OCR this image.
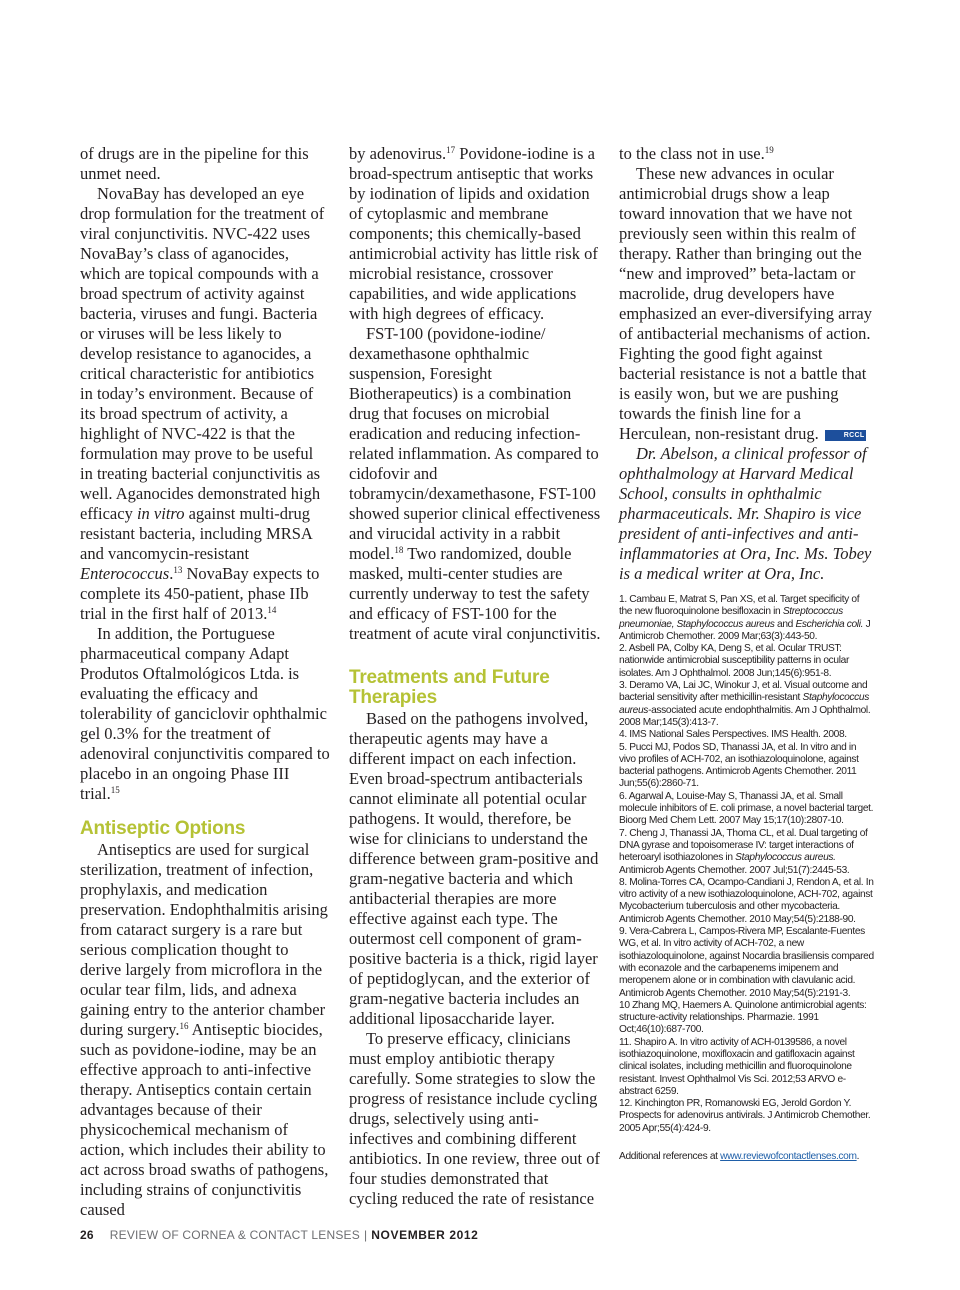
of drugs are in the pipeline for this unmet need.

NovaBay has developed an eye drop formulation for the treatment of viral conjunctivitis. NVC-422 uses NovaBay’s class of aganocides, which are topical compounds with a broad spectrum of activity against bacteria, viruses and fungi. Bacteria or viruses will be less likely to develop resistance to aganocides, a critical characteristic for antibiotics in today’s environment. Because of its broad spectrum of activity, a highlight of NVC-422 is that the formulation may prove to be useful in treating bacterial conjunctivitis as well. Aganocides demonstrated high efficacy in vitro against multi-drug resistant bacteria, including MRSA and vancomycin-resistant Enterococcus.$^{13}$ NovaBay expects to complete its 450-patient, phase IIb trial in the first half of 2013.14

In addition, the Portuguese pharmaceutical company Adapt Produtos Oftalmológicos Ltda. is evaluating the efficacy and tolerability of ganciclovir ophthalmic gel 0.3% for the treatment of adenoviral conjunctivitis compared to placebo in an ongoing Phase III trial.$^{15}$

Antiseptic Options

Antiseptics are used for surgical sterilization, treatment of infection, prophylaxis, and medication preservation. Endophthalmitis arising from cataract surgery is a rare but serious complication thought to derive largely from microflora in the ocular tear film, lids, and adnexa gaining entry to the anterior chamber during surgery.$^{16}$ Antiseptic biocides, such as povidone-iodine, may be an effective approach to anti-infective therapy. Antiseptics contain certain advantages because of their physicochemical mechanism of action, which includes their ability to act across broad swaths of pathogens, including strains of conjunctivitis caused

by adenovirus.$^{17}$ Povidone-iodine is a broad-spectrum antiseptic that works by iodination of lipids and oxidation of cytoplasmic and membrane components; this chemically-based antimicrobial activity has little risk of microbial resistance, crossover capabilities, and wide applications with high degrees of efficacy.

FST-100 (povidone-iodine/ dexamethasone ophthalmic suspension, Foresight Biotherapeutics) is a combination drug that focuses on microbial eradication and reducing infection-related inflammation. As compared to cidofovir and tobramycin/dexamethasone, FST-100 showed superior clinical effectiveness and virucidal activity in a rabbit model.$^{18}$ Two randomized, double masked, multi-center studies are currently underway to test the safety and efficacy of FST-100 for the treatment of acute viral conjunctivitis.

Treatments and Future Therapies

Based on the pathogens involved, therapeutic agents may have a different impact on each infection. Even broad-spectrum antibacterials cannot eliminate all potential ocular pathogens. It would, therefore, be wise for clinicians to understand the difference between gram-positive and gram-negative bacteria and which antibacterial therapies are more effective against each type. The outermost cell component of gram-positive bacteria is a thick, rigid layer of peptidoglycan, and the exterior of gram-negative bacteria includes an additional liposaccharide layer.

To preserve efficacy, clinicians must employ antibiotic therapy carefully. Some strategies to slow the progress of resistance include cycling drugs, selectively using anti-infectives and combining different antibiotics. In one review, three out of four studies demonstrated that cycling reduced the rate of resistance

to the class not in use.$^{19}$

These new advances in ocular antimicrobial drugs show a leap toward innovation that we have not previously seen within this realm of therapy. Rather than bringing out the “new and improved” beta-lactam or macrolide, drug developers have emphasized an ever-diversifying array of antibacterial mechanisms of action. Fighting the good fight against bacterial resistance is not a battle that is easily won, but we are pushing towards the finish line for a Herculean, non-resistant drug.	RCCL

Dr. Abelson, a clinical professor of ophthalmology at Harvard Medical School, consults in ophthalmic pharmaceuticals. Mr. Shapiro is vice president of anti-infectives and anti-inflammatories at Ora, Inc. Ms. Tobey is a medical writer at Ora, Inc.

1. Cambau E, Matrat S, Pan XS, et al. Target specificity of the new fluoroquinolone besifloxacin in Streptococcus pneumoniae, Staphylococcus aureus and Escherichia coli. J Antimicrob Chemother. 2009 Mar;63(3):443-50.

2. Asbell PA, Colby KA, Deng S, et al. Ocular TRUST: nationwide antimicrobial susceptibility patterns in ocular isolates. Am J Ophthalmol. 2008 Jun;145(6):951-8.

3. Deramo VA, Lai JC, Winokur J, et al. Visual outcome and bacterial sensitivity after methicillin-resistant Staphylococcus aureus-associated acute endophthalmitis. Am J Ophthalmol. 2008 Mar;145(3):413-7.

4. IMS National Sales Perspectives. IMS Health. 2008.

5. Pucci MJ, Podos SD, Thanassi JA, et al. In vitro and in vivo profiles of ACH-702, an isothiazoloquinolone, against bacterial pathogens. Antimicrob Agents Chemother. 2011 Jun;55(6):2860-71.

6. Agarwal A, Louise-May S, Thanassi JA, et al. Small molecule inhibitors of E. coli primase, a novel bacterial target. Bioorg Med Chem Lett. 2007 May 15;17(10):2807-10.

7. Cheng J, Thanassi JA, Thoma CL, et al. Dual targeting of DNA gyrase and topoisomerase IV: target interactions of heteroaryl isothiazolones in Staphylococcus aureus. Antimicrob Agents Chemother. 2007 Jul;51(7):2445-53.

8. Molina-Torres CA, Ocampo-Candiani J, Rendon A, et al. In vitro activity of a new isothiazoloquinolone, ACH-702, against Mycobacterium tuberculosis and other mycobacteria. Antimicrob Agents Chemother. 2010 May;54(5):2188-90.

9. Vera-Cabrera L, Campos-Rivera MP, Escalante-Fuentes WG, et al. In vitro activity of ACH-702, a new isothiazoloquinolone, against Nocardia brasiliensis compared with econazole and the carbapenems imipenem and meropenem alone or in combination with clavulanic acid. Antimicrob Agents Chemother. 2010 May;54(5):2191-3.

10 Zhang MQ, Haemers A. Quinolone antimicrobial agents: structure-activity relationships. Pharmazie. 1991 Oct;46(10):687-700.

11. Shapiro A. In vitro activity of ACH-0139586, a novel isothiazoquinolone, moxifloxacin and gatifloxacin against clinical isolates, including methicillin and fluoroquinolone resistant. Invest Ophthalmol Vis Sci. 2012;53 ARVO e-abstract 6259.

12. Kinchington PR, Romanowski EG, Jerold Gordon Y. Prospects for adenovirus antivirals. J Antimicrob Chemother. 2005 Apr;55(4):424-9.

Additional references at www.reviewofcontactlenses.com.

26 REVIEW OF CORNEA & CONTACT LENSES | NOVEMBER 2012
